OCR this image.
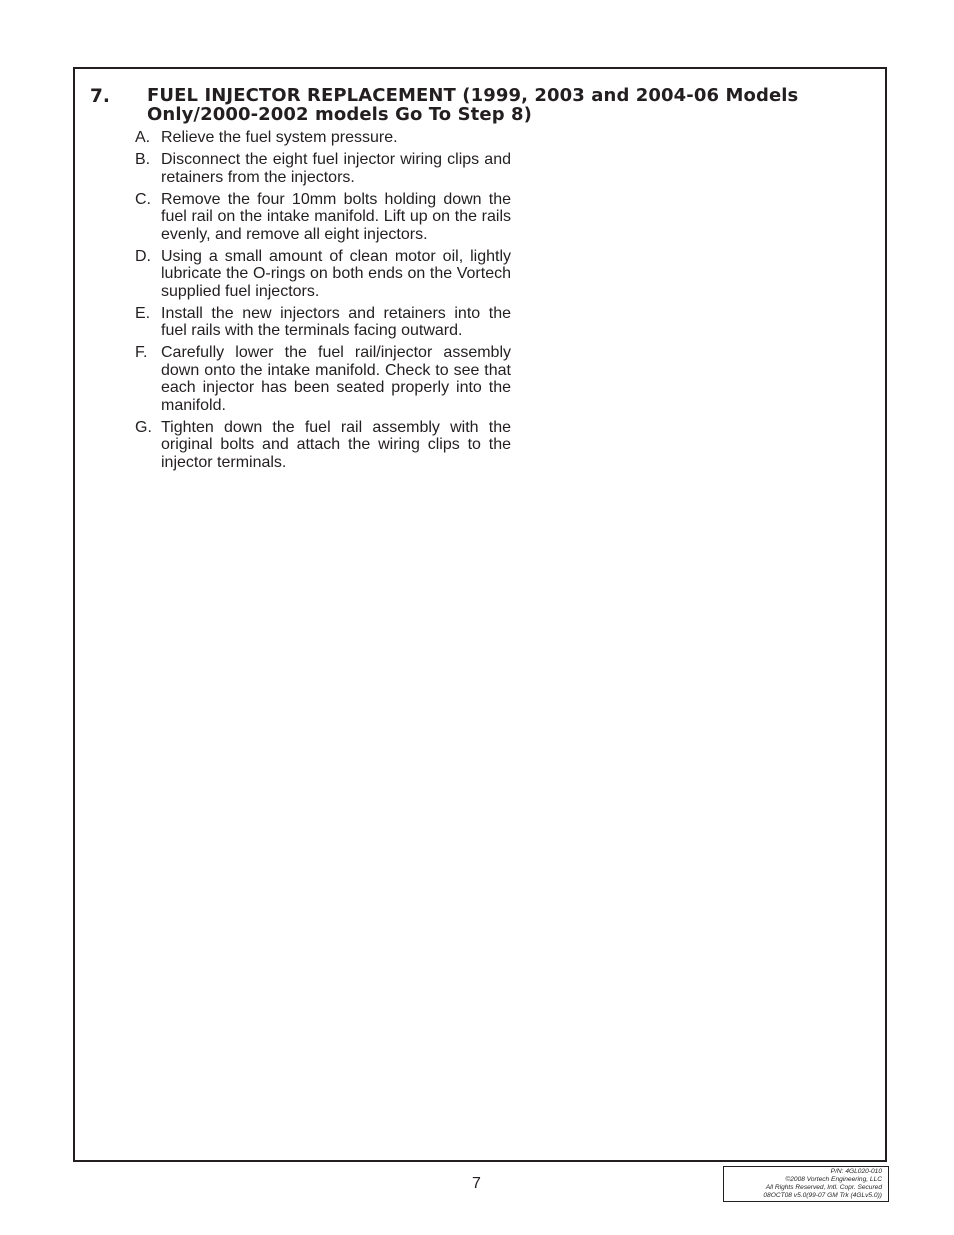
7. FUEL INJECTOR REPLACEMENT (1999, 2003 and 2004-06 Models Only/2000-2002 models Go To Step 8)
A. Relieve the fuel system pressure.
B. Disconnect the eight fuel injector wiring clips and retainers from the injectors.
C. Remove the four 10mm bolts holding down the fuel rail on the intake manifold. Lift up on the rails evenly, and remove all eight injectors.
D. Using a small amount of clean motor oil, lightly lubricate the O-rings on both ends on the Vortech supplied fuel injectors.
E. Install the new injectors and retainers into the fuel rails with the terminals facing outward.
F. Carefully lower the fuel rail/injector assembly down onto the intake manifold. Check to see that each injector has been seated properly into the manifold.
G. Tighten down the fuel rail assembly with the original bolts and attach the wiring clips to the injector terminals.
7
P/N: 4GL020-010
©2008 Vortech Engineering, LLC
All Rights Reserved, Intl. Copr. Secured
08OCT08 v5.0(99-07 GM Trk (4GLv5.0))
